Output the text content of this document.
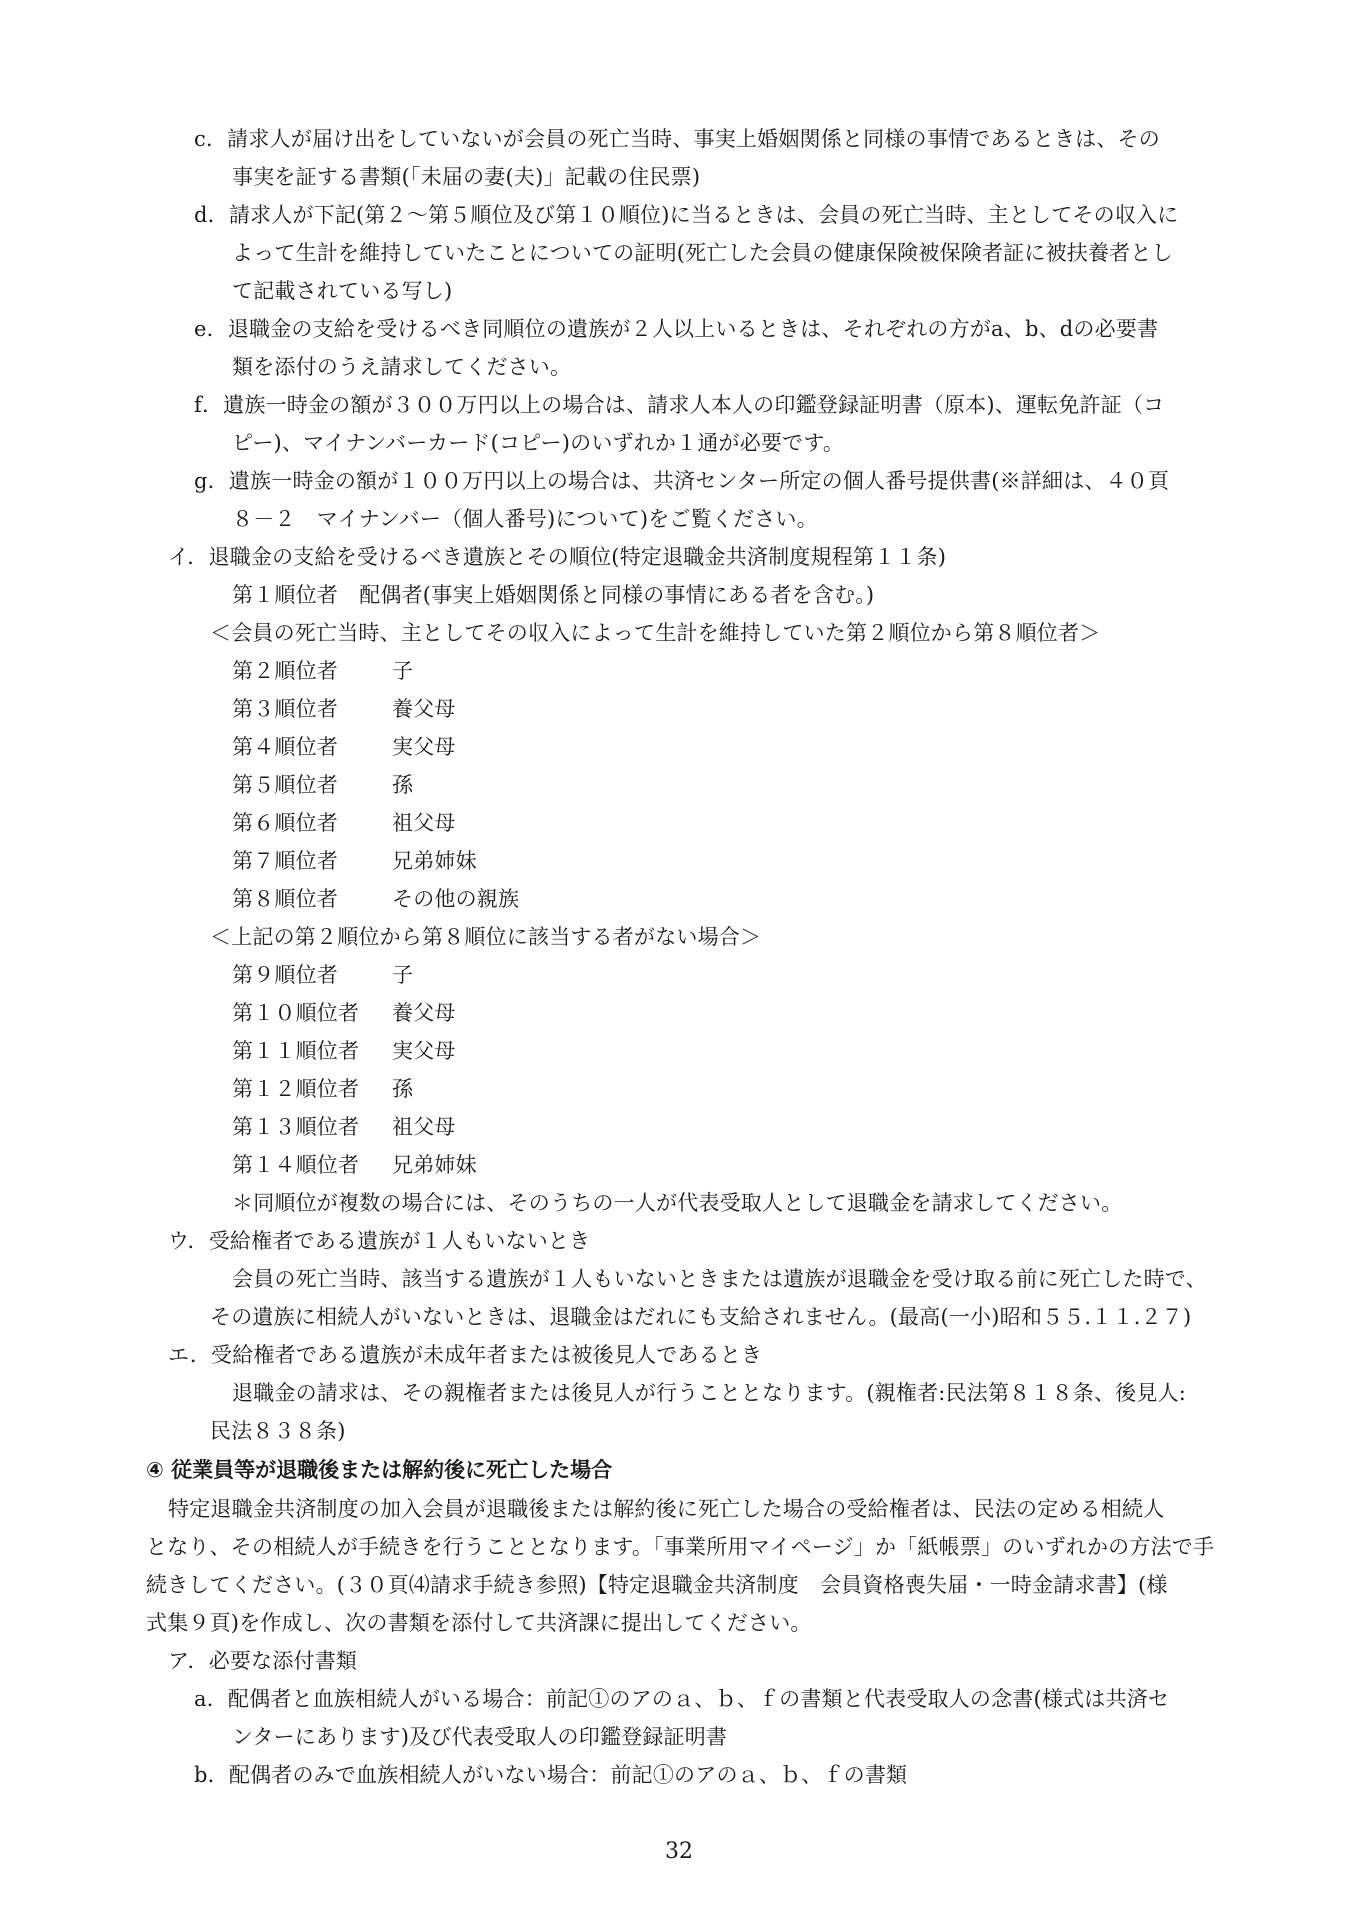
c．請求人が届け出をしていないが会員の死亡当時、事実上婚姻関係と同様の事情であるときは、その
事実を証する書類(「未届の妻(夫)」記載の住民票)
d．請求人が下記(第２～第５順位及び第１０順位)に当るときは、会員の死亡当時、主としてその収入に
よって生計を維持していたことについての証明(死亡した会員の健康保険被保険者証に被扶養者とし
て記載されている写し)
e．退職金の支給を受けるべき同順位の遺族が２人以上いるときは、それぞれの方がa、b、dの必要書
類を添付のうえ請求してください。
f．遺族一時金の額が３００万円以上の場合は、請求人本人の印鑑登録証明書（原本)、運転免許証（コ
ピー)、マイナンバーカード(コピー)のいずれか１通が必要です。
g．遺族一時金の額が１００万円以上の場合は、共済センター所定の個人番号提供書(※詳細は、４０頁
８－２　マイナンバー（個人番号)について)をご覧ください。
イ．退職金の支給を受けるべき遺族とその順位(特定退職金共済制度規程第１１条)
第１順位者　配偶者(事実上婚姻関係と同様の事情にある者を含む。)
＜会員の死亡当時、主としてその収入によって生計を維持していた第２順位から第８順位者＞
第２順位者	子
第３順位者	養父母
第４順位者	実父母
第５順位者	孫
第６順位者	祖父母
第７順位者	兄弟姉妹
第８順位者	その他の親族
＜上記の第２順位から第８順位に該当する者がない場合＞
第９順位者	子
第１０順位者 養父母
第１１順位者 実父母
第１２順位者 孫
第１３順位者 祖父母
第１４順位者 兄弟姉妹
＊同順位が複数の場合には、そのうちの一人が代表受取人として退職金を請求してください。
ウ．受給権者である遺族が１人もいないとき
会員の死亡当時、該当する遺族が１人もいないときまたは遺族が退職金を受け取る前に死亡した時で、
その遺族に相続人がいないときは、退職金はだれにも支給されません。(最高(一小)昭和５５.１１.２７)
エ．受給権者である遺族が未成年者または被後見人であるとき
退職金の請求は、その親権者または後見人が行うこととなります。(親権者:民法第８１８条、後見人:
民法８３８条)
④ 従業員等が退職後または解約後に死亡した場合
特定退職金共済制度の加入会員が退職後または解約後に死亡した場合の受給権者は、民法の定める相続人
となり、その相続人が手続きを行うこととなります。「事業所用マイページ」か「紙帳票」のいずれかの方法で手
続きしてください。(３０頁⑷請求手続き参照)【特定退職金共済制度　会員資格喪失届・一時金請求書】(様
式集９頁)を作成し、次の書類を添付して共済課に提出してください。
ア．必要な添付書類
a．配偶者と血族相続人がいる場合：前記①のアのａ、ｂ、ｆの書類と代表受取人の念書(様式は共済セ
ンターにあります)及び代表受取人の印鑑登録証明書
b．配偶者のみで血族相続人がいない場合：前記①のアのａ、ｂ、ｆの書類
32
